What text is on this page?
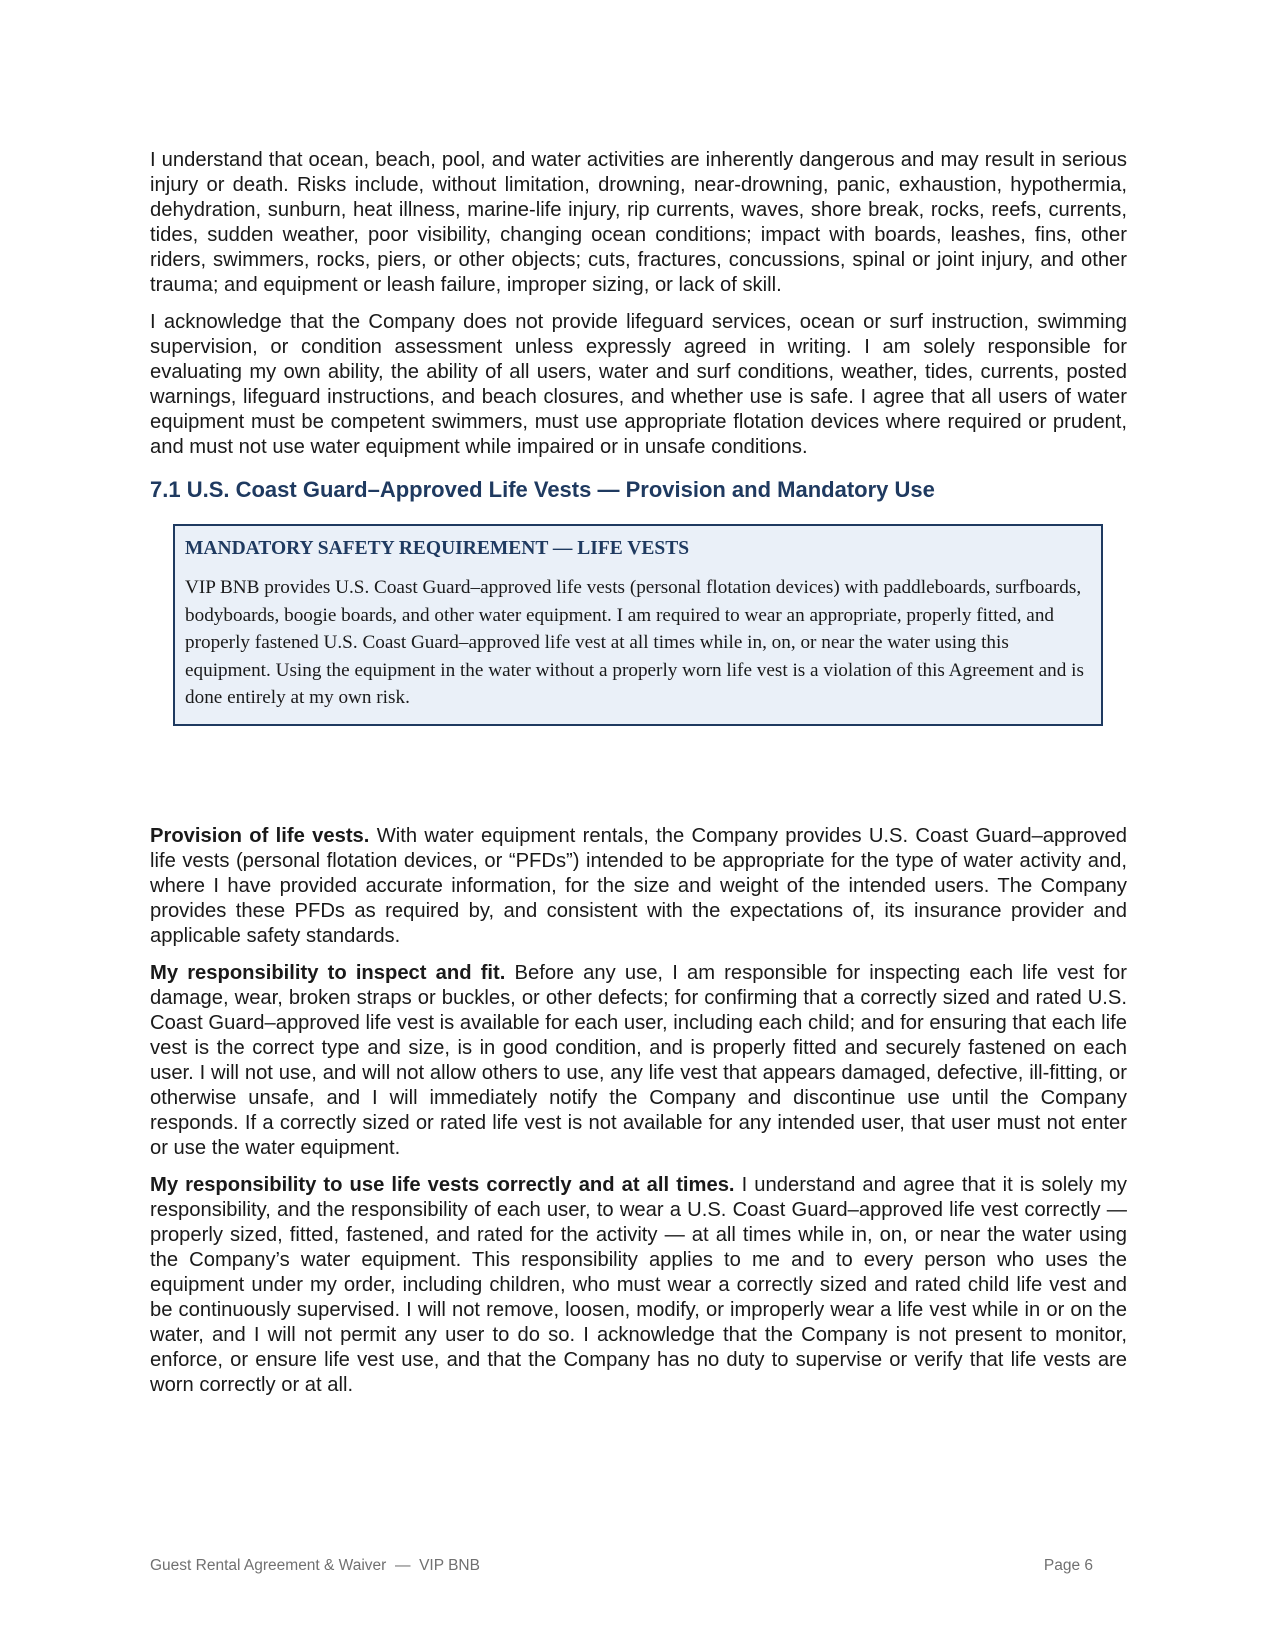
I understand that ocean, beach, pool, and water activities are inherently dangerous and may result in serious injury or death. Risks include, without limitation, drowning, near-drowning, panic, exhaustion, hypothermia, dehydration, sunburn, heat illness, marine-life injury, rip currents, waves, shore break, rocks, reefs, currents, tides, sudden weather, poor visibility, changing ocean conditions; impact with boards, leashes, fins, other riders, swimmers, rocks, piers, or other objects; cuts, fractures, concussions, spinal or joint injury, and other trauma; and equipment or leash failure, improper sizing, or lack of skill.

I acknowledge that the Company does not provide lifeguard services, ocean or surf instruction, swimming supervision, or condition assessment unless expressly agreed in writing. I am solely responsible for evaluating my own ability, the ability of all users, water and surf conditions, weather, tides, currents, posted warnings, lifeguard instructions, and beach closures, and whether use is safe. I agree that all users of water equipment must be competent swimmers, must use appropriate flotation devices where required or prudent, and must not use water equipment while impaired or in unsafe conditions.

7.1 U.S. Coast Guard–Approved Life Vests — Provision and Mandatory Use

MANDATORY SAFETY REQUIREMENT — LIFE VESTS

VIP BNB provides U.S. Coast Guard–approved life vests (personal flotation devices) with paddleboards, surfboards, bodyboards, boogie boards, and other water equipment. I am required to wear an appropriate, properly fitted, and properly fastened U.S. Coast Guard–approved life vest at all times while in, on, or near the water using this equipment. Using the equipment in the water without a properly worn life vest is a violation of this Agreement and is done entirely at my own risk.

Provision of life vests. With water equipment rentals, the Company provides U.S. Coast Guard–approved life vests (personal flotation devices, or “PFDs”) intended to be appropriate for the type of water activity and, where I have provided accurate information, for the size and weight of the intended users. The Company provides these PFDs as required by, and consistent with the expectations of, its insurance provider and applicable safety standards.

My responsibility to inspect and fit. Before any use, I am responsible for inspecting each life vest for damage, wear, broken straps or buckles, or other defects; for confirming that a correctly sized and rated U.S. Coast Guard–approved life vest is available for each user, including each child; and for ensuring that each life vest is the correct type and size, is in good condition, and is properly fitted and securely fastened on each user. I will not use, and will not allow others to use, any life vest that appears damaged, defective, ill-fitting, or otherwise unsafe, and I will immediately notify the Company and discontinue use until the Company responds. If a correctly sized or rated life vest is not available for any intended user, that user must not enter or use the water equipment.

My responsibility to use life vests correctly and at all times. I understand and agree that it is solely my responsibility, and the responsibility of each user, to wear a U.S. Coast Guard–approved life vest correctly — properly sized, fitted, fastened, and rated for the activity — at all times while in, on, or near the water using the Company’s water equipment. This responsibility applies to me and to every person who uses the equipment under my order, including children, who must wear a correctly sized and rated child life vest and be continuously supervised. I will not remove, loosen, modify, or improperly wear a life vest while in or on the water, and I will not permit any user to do so. I acknowledge that the Company is not present to monitor, enforce, or ensure life vest use, and that the Company has no duty to supervise or verify that life vests are worn correctly or at all.

Guest Rental Agreement & Waiver  —  VIP BNB	Page 6
